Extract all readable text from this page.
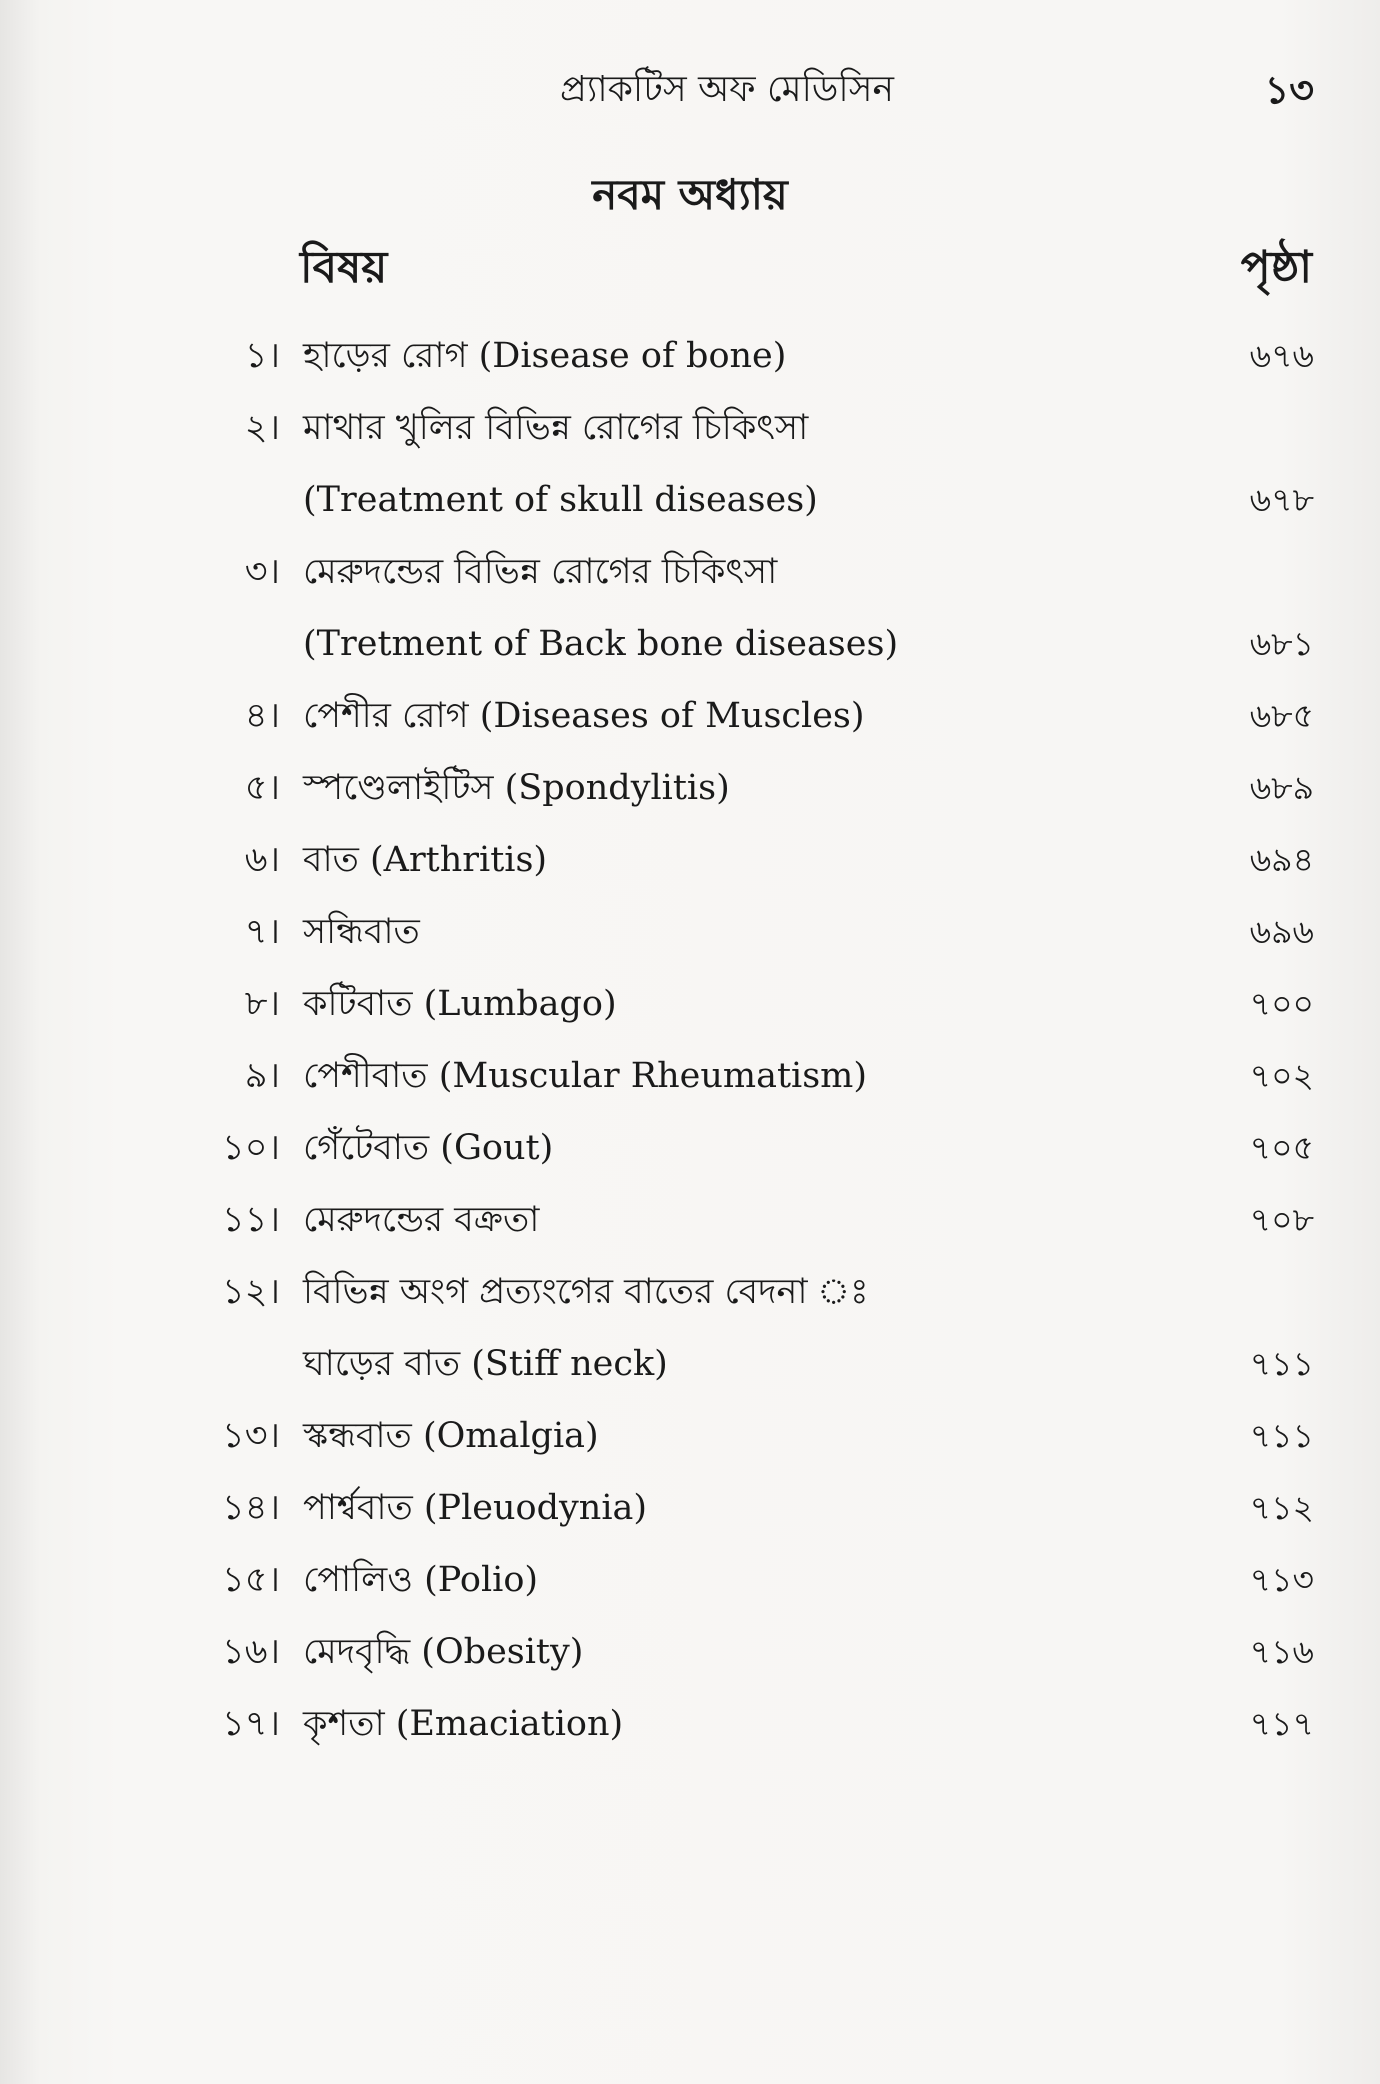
প্র্যাকটিস অফ মেডিসিন	১৩
নবম অধ্যায়
বিষয়	পৃষ্ঠা
১। হাড়ের রোগ (Disease of bone)	৬৭৬
২। মাথার খুলির বিভিন্ন রোগের চিকিৎসা
(Treatment of skull diseases)	৬৭৮
৩। মেরুদন্ডের বিভিন্ন রোগের চিকিৎসা
(Tretment of Back bone diseases)	৬৮১
৪। পেশীর রোগ (Diseases of Muscles)	৬৮৫
৫। স্পণ্ডেলাইটিস (Spondylitis)	৬৮৯
৬। বাত (Arthritis)	৬৯৪
৭। সন্ধিবাত	৬৯৬
৮। কটিবাত (Lumbago)	৭০০
৯। পেশীবাত (Muscular Rheumatism)	৭০২
১০। গেঁটেবাত (Gout)	৭০৫
১১। মেরুদন্ডের বক্রতা	৭০৮
১২। বিভিন্ন অংগ প্রত্যংগের বাতের বেদনা ঃ
ঘাড়ের বাত (Stiff neck)	৭১১
১৩। স্কন্ধবাত (Omalgia)	৭১১
১৪। পার্শ্ববাত (Pleuodynia)	৭১২
১৫। পোলিও (Polio)	৭১৩
১৬। মেদবৃদ্ধি (Obesity)	৭১৬
১৭। কৃশতা (Emaciation)	৭১৭
